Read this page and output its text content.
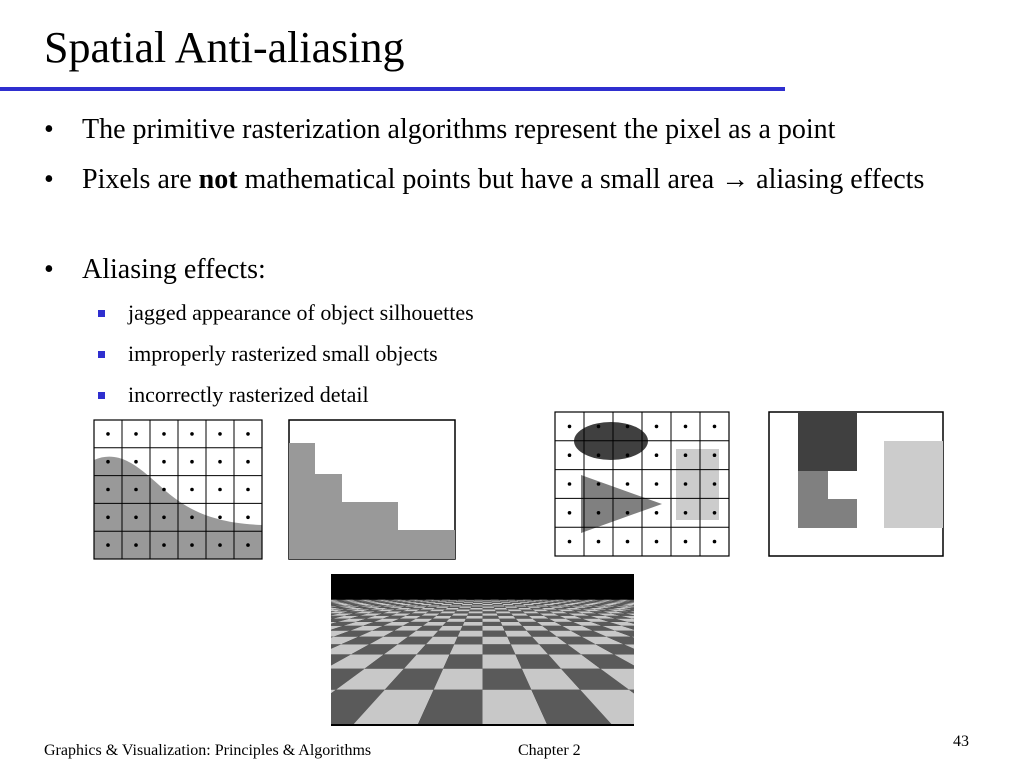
Spatial Anti-aliasing
• The primitive rasterization algorithms represent the pixel as a point
• Pixels are not mathematical points but have a small area → aliasing effects
• Aliasing effects:
jagged appearance of object silhouettes
improperly rasterized small objects
incorrectly rasterized detail
Graphics & Visualization: Principles & Algorithms	Chapter 2
43
